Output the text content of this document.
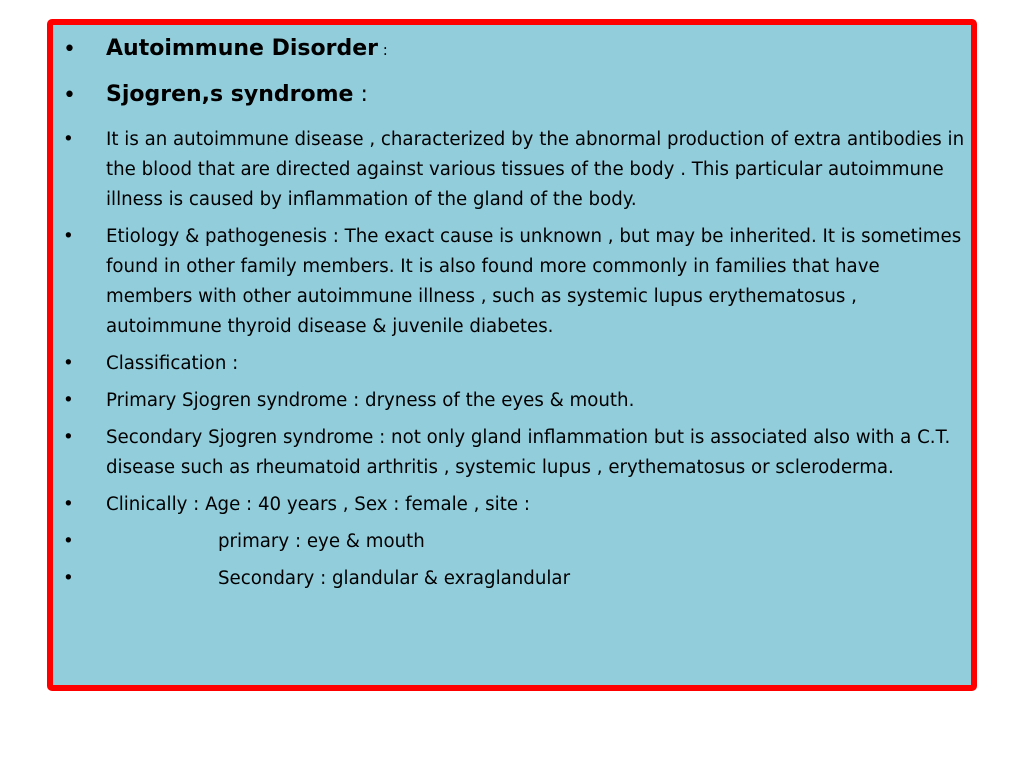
• Autoimmune Disorder :
• Sjogren,s syndrome :
• It is an autoimmune disease , characterized by the abnormal production of extra antibodies in the blood that are directed against various tissues of the body . This particular autoimmune illness is caused by inflammation of the gland of the body.
• Etiology & pathogenesis : The exact cause is unknown , but may be inherited. It is sometimes found in other family members. It is also found more commonly in families that have members with other autoimmune illness , such as systemic lupus erythematosus , autoimmune thyroid disease & juvenile diabetes.
• Classification :
• Primary Sjogren syndrome : dryness of the eyes & mouth.
• Secondary Sjogren syndrome : not only gland inflammation but is associated also with a C.T. disease such as rheumatoid arthritis , systemic lupus , erythematosus or scleroderma.
• Clinically : Age : 40 years , Sex : female , site :
•	primary : eye & mouth
•	Secondary : glandular & exraglandular
